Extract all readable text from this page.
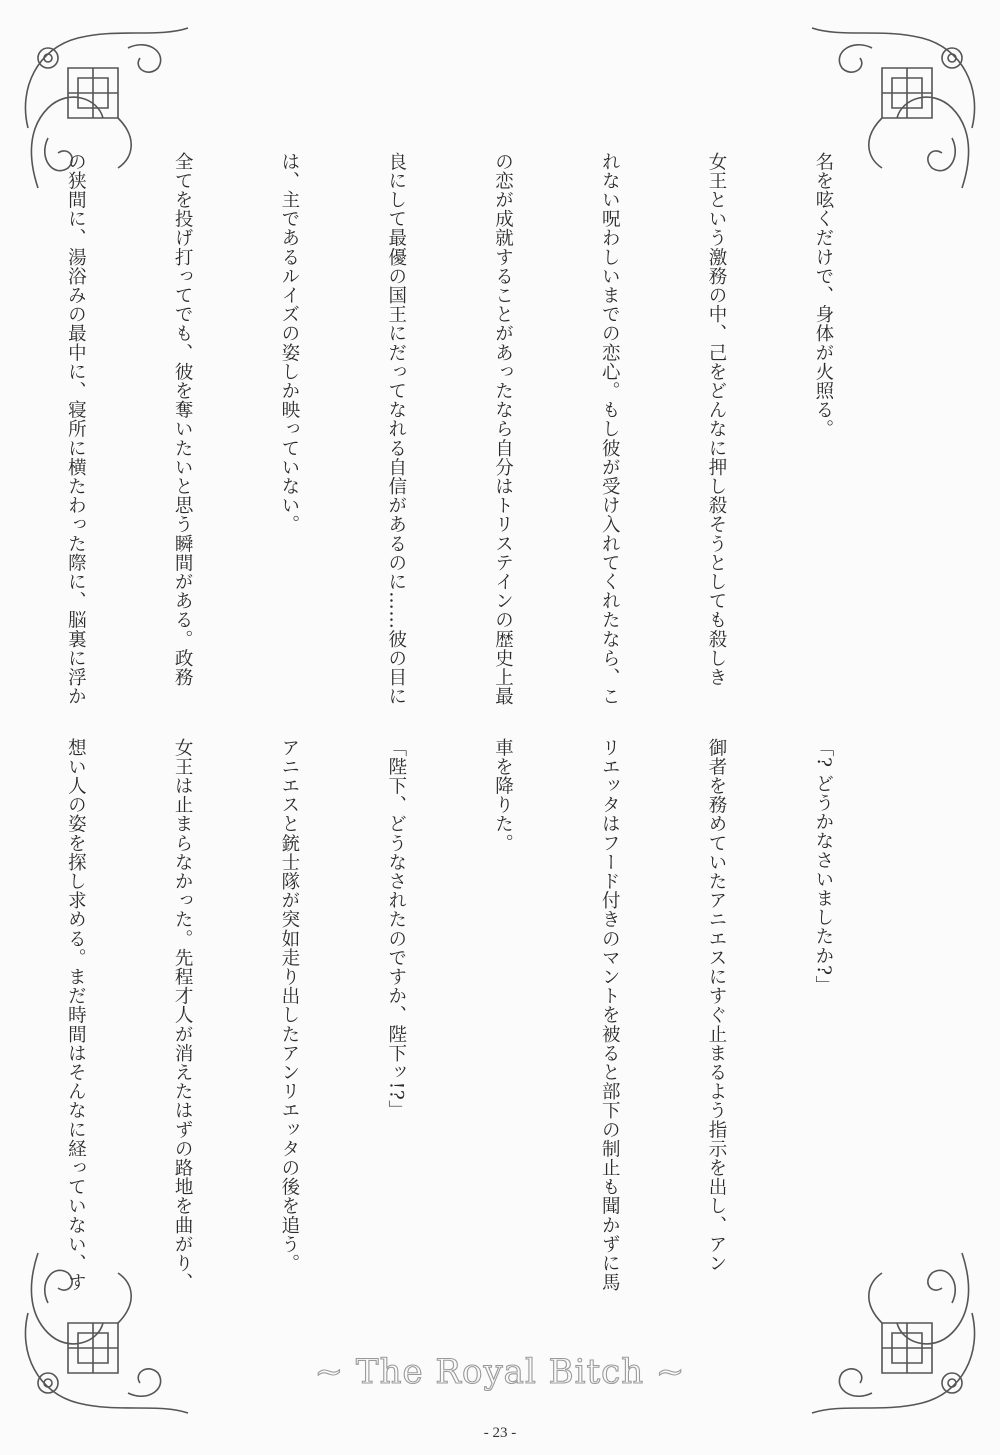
名を呟くだけで、身体が火照る。

女王という激務の中、己をどんなに押し殺そうとしても殺しき

れない呪わしいまでの恋心。もし彼が受け入れてくれたなら、こ

の恋が成就することがあったなら自分はトリステインの歴史上最

良にして最優の国王にだってなれる自信があるのに……彼の目に

は、主であるルイズの姿しか映っていない。

全てを投げ打ってでも、彼を奪いたいと思う瞬間がある。政務

の狭間に、湯浴みの最中に、寝所に横たわった際に、脳裏に浮か

「? どうかなさいましたか?」

御者を務めていたアニエスにすぐ止まるよう指示を出し、アン

リエッタはフード付きのマントを被ると部下の制止も聞かずに馬

車を降りた。

「陛下、どうなされたのですか、陛下ッ!?」

アニエスと銃士隊が突如走り出したアンリエッタの後を追う。

女王は止まらなかった。先程才人が消えたはずの路地を曲がり、

想い人の姿を探し求める。まだ時間はそんなに経っていない、す

~ The Royal Bitch ~
- 23 -
